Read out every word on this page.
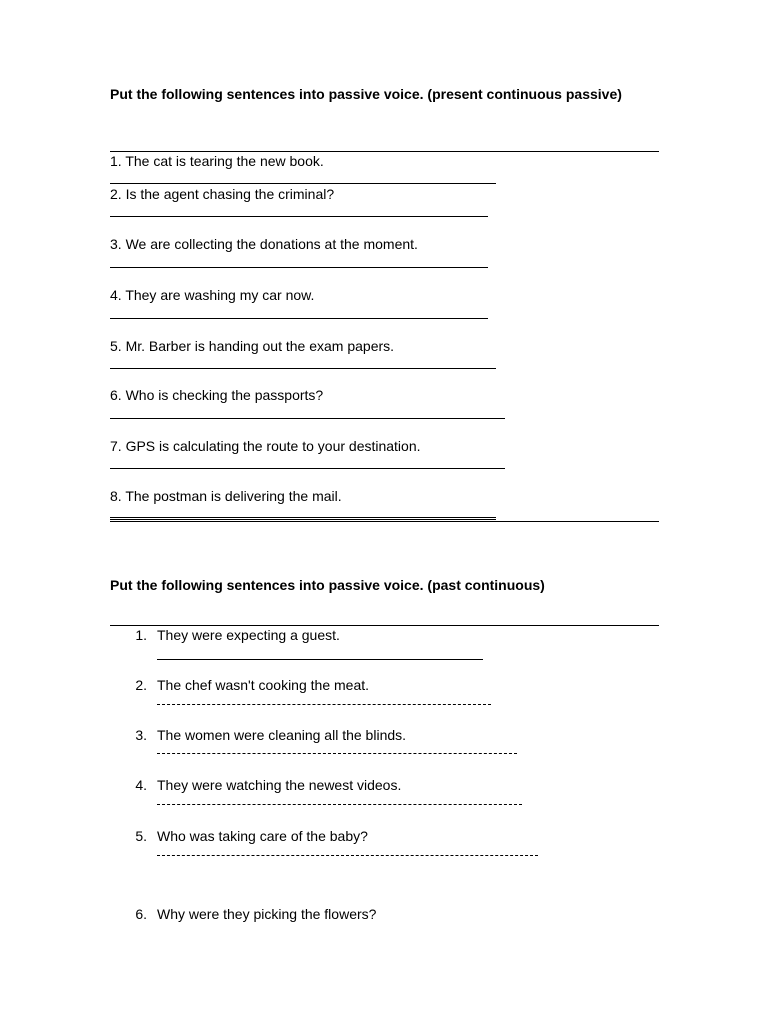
Put the following sentences into passive voice. (present continuous passive)
1. The cat is tearing the new book.
2. Is the agent chasing the criminal?
3. We are collecting the donations at the moment.
4. They are washing my car now.
5. Mr. Barber is handing out the exam papers.
6. Who is checking the passports?
7. GPS is calculating the route to your destination.
8. The postman is delivering the mail.
Put the following sentences into passive voice. (past continuous)
1. They were expecting a guest.
2. The chef wasn't cooking the meat.
3. The women were cleaning all the blinds.
4. They were watching the newest videos.
5. Who was taking care of the baby?
6. Why were they picking the flowers?
